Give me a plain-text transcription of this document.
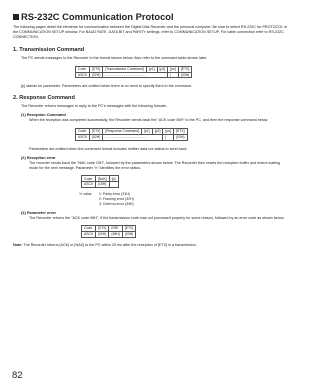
RS-232C Communication Protocol
The following pages detail the elements for communication between the Digital Disk Recorder and the personal computer. Be sure to select RS-232C for PROTOCOL in the COMMUNICATION SETUP window. For BAUD RATE, DATA BIT and PARITY settings, refer to COMMUNICATION SETUP. For cable connection refer to RS-232C CONNECTION.
1. Transmission Command
The PC sends messages to the Recorder in the format shown below. Also refer to the command table shown later.
Code	[STX]	[Transmission Command]	[p1]	[p2]	[pn]	[ETX]
ASCII	(02H)	- - - - - - - - - - - - - - - - - - - -			|	(03H)
[p] stands for parameter. Parameters are omitted when there is no need to specify them in the command.
2. Response Command
The Recorder returns messages in reply to the PC's messages with the following formats.
(1) Reception Command
When the reception was completed successfully, the Recorder sends back the "ACK code 06H" to the PC, and then the response command below.
Code	[STX]	[Response Command]	[p1]	[p2]	[pn]	[ETX]
ASCII	(02H)	- - - - - - - - - - - - - - - - - - - -			|	(03H)
Parameters are omitted when the command format includes neither data nor status to send back.
(2) Reception error
The recorder sends back the "NAK code 15H", followed by the parameters shown below. The Recorder then resets the reception buffer and enters waiting mode for the next message. Parameter "n" identifies the error status.
Code	[NAK]	[n]
ASCII	(15H)	
'n' value	1: Parity error (31H)
2: Framing error (32H)
3: Overrun error (34H)
(3) Parameter error
The Recorder returns the "ACK code 06H", if the transmission code was not processed properly for some reason, followed by an error code as shown below.
Code	[STX]	ERE	[ETX]
ASCII	(02H)	(48H)	(03H)
Note: The Recorder returns [ACK] or [NAK] to the PC within 20 ms after the reception of [ETX] in a transmission.
82
